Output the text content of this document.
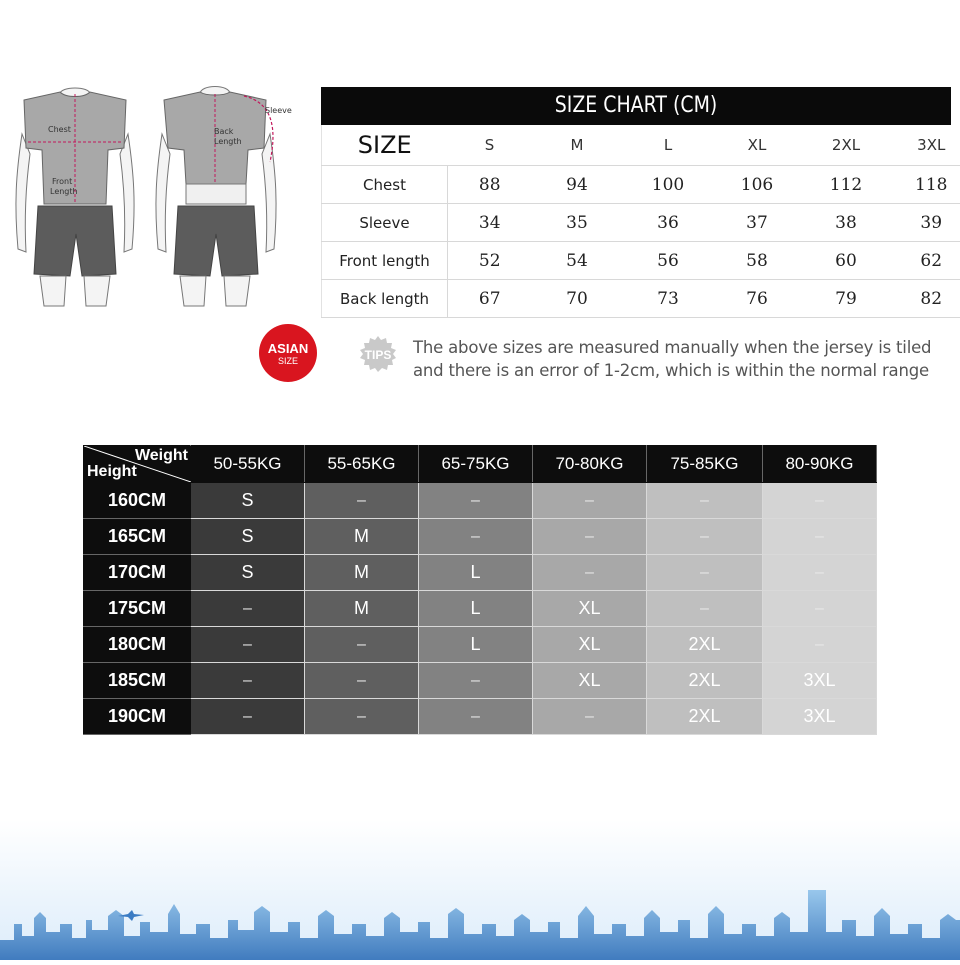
Chest
Front
Length
Back
Length
Sleeve	SIZE CHART (CM)
SIZE	S	M	L	XL	2XL	3XL
Chest	88	94	100	106	112	118
Sleeve	34	35	36	37	38	39
Front length	52	54	56	58	60	62
Back length	67	70	73	76	79	82
ASIAN
SIZE	TIPS The above sizes are measured manually when the jersey is tiled
and there is an error of 1-2cm, which is within the normal range
Weight
Height	50-55KG	55-65KG	65-75KG	70-80KG	75-85KG	80-90KG
160CM	S	–	–	–	–	–
165CM	S	M	–	–	–	–
170CM	S	M	L	–	–	–
175CM	–	M	L	XL	–	–
180CM	–	–	L	XL	2XL	–
185CM	–	–	–	XL	2XL	3XL
190CM	–	–	–	–	2XL	3XL
